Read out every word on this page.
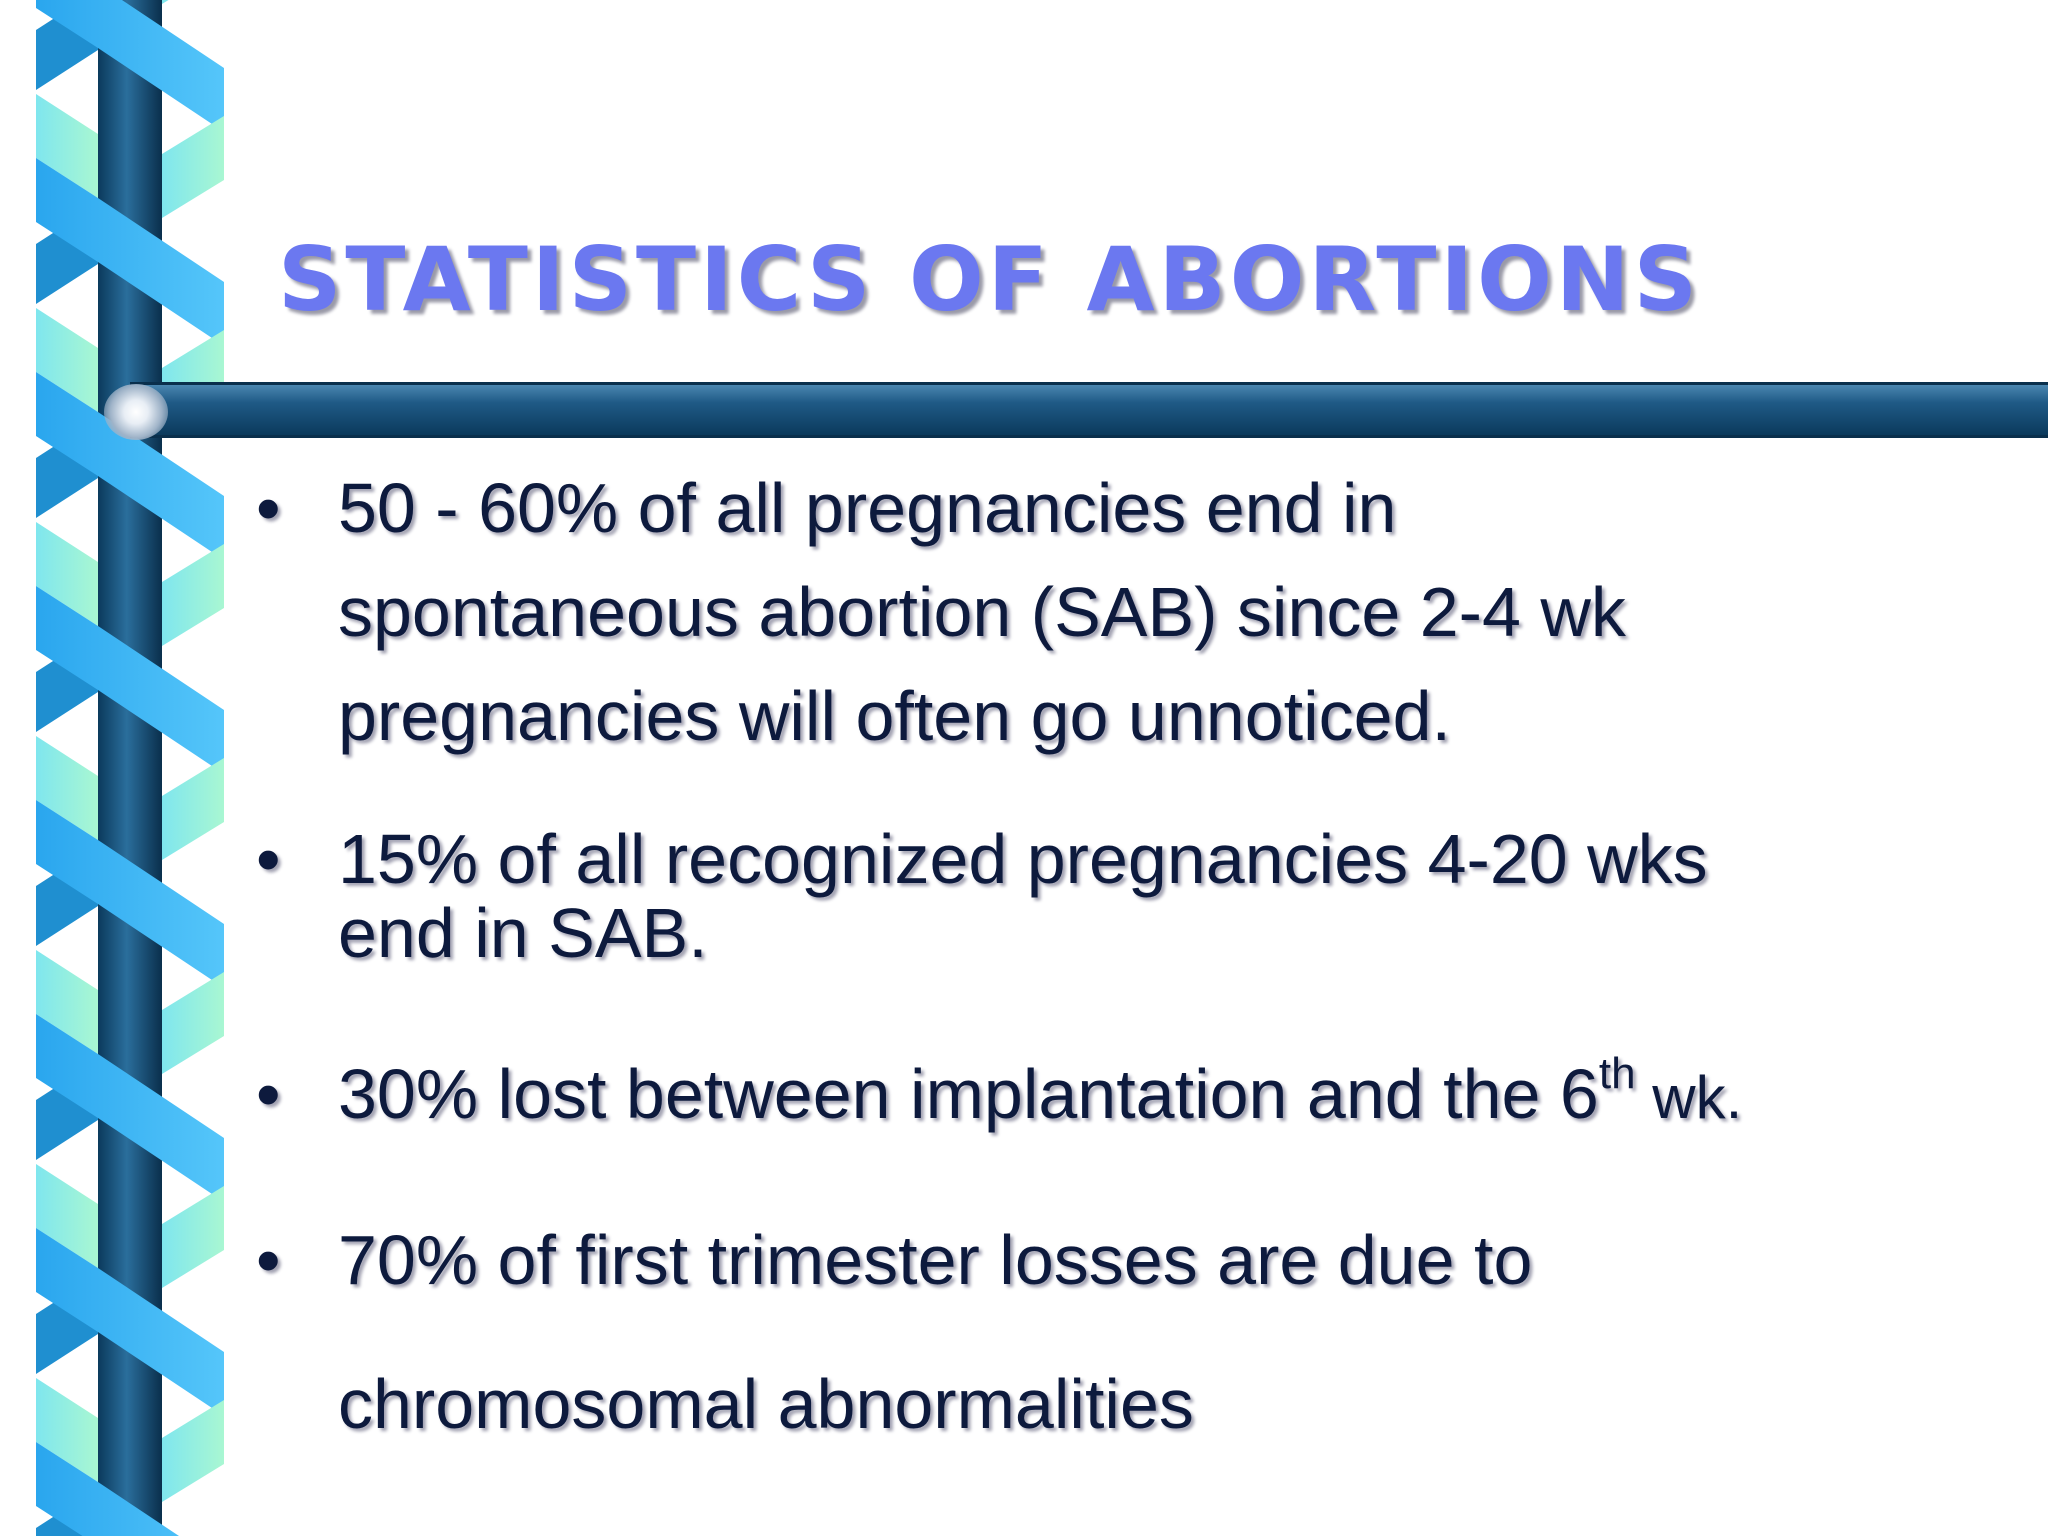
STATISTICS OF ABORTIONS
• 50 - 60% of all pregnancies end in
spontaneous abortion (SAB) since 2-4 wk
pregnancies will often go unnoticed.
• 15% of all recognized pregnancies 4-20 wks
end in SAB.
• 30% lost between implantation and the 6th wk.
• 70% of first trimester losses are due to
chromosomal abnormalities
